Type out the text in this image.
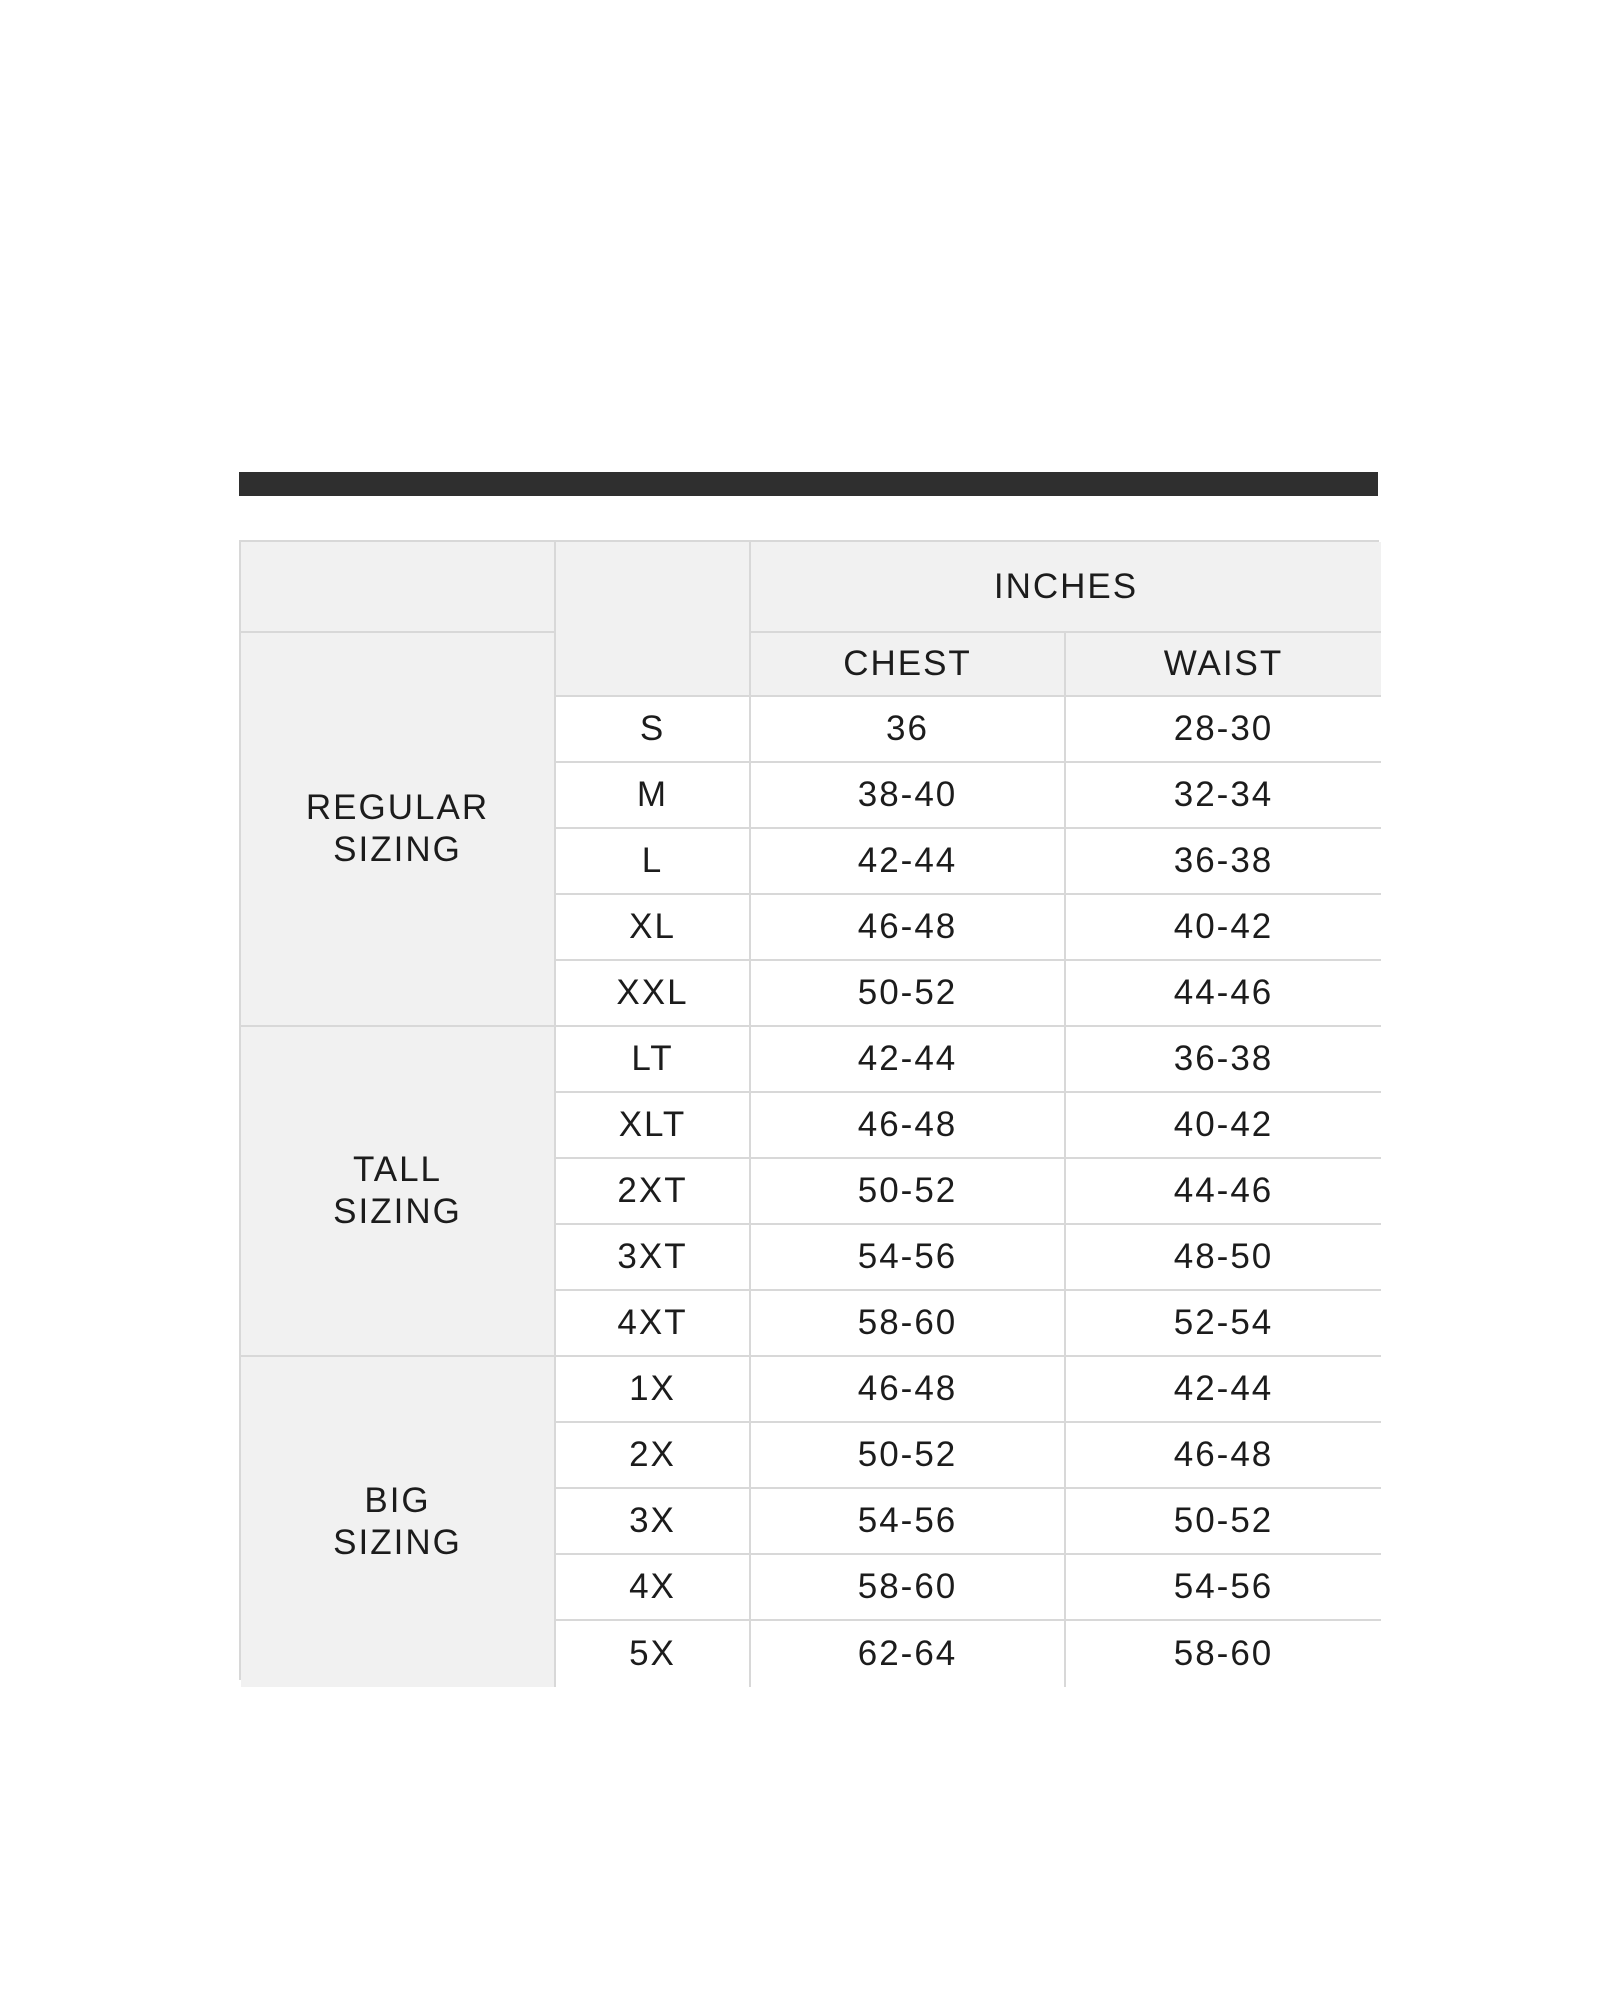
INCHES
CHEST	WAIST
REGULAR
SIZING
S	36	28-30
M	38-40	32-34
L	42-44	36-38
XL	46-48	40-42
XXL	50-52	44-46
TALL
SIZING
LT	42-44	36-38
XLT	46-48	40-42
2XT	50-52	44-46
3XT	54-56	48-50
4XT	58-60	52-54
BIG
SIZING
1X	46-48	42-44
2X	50-52	46-48
3X	54-56	50-52
4X	58-60	54-56
5X	62-64	58-60
